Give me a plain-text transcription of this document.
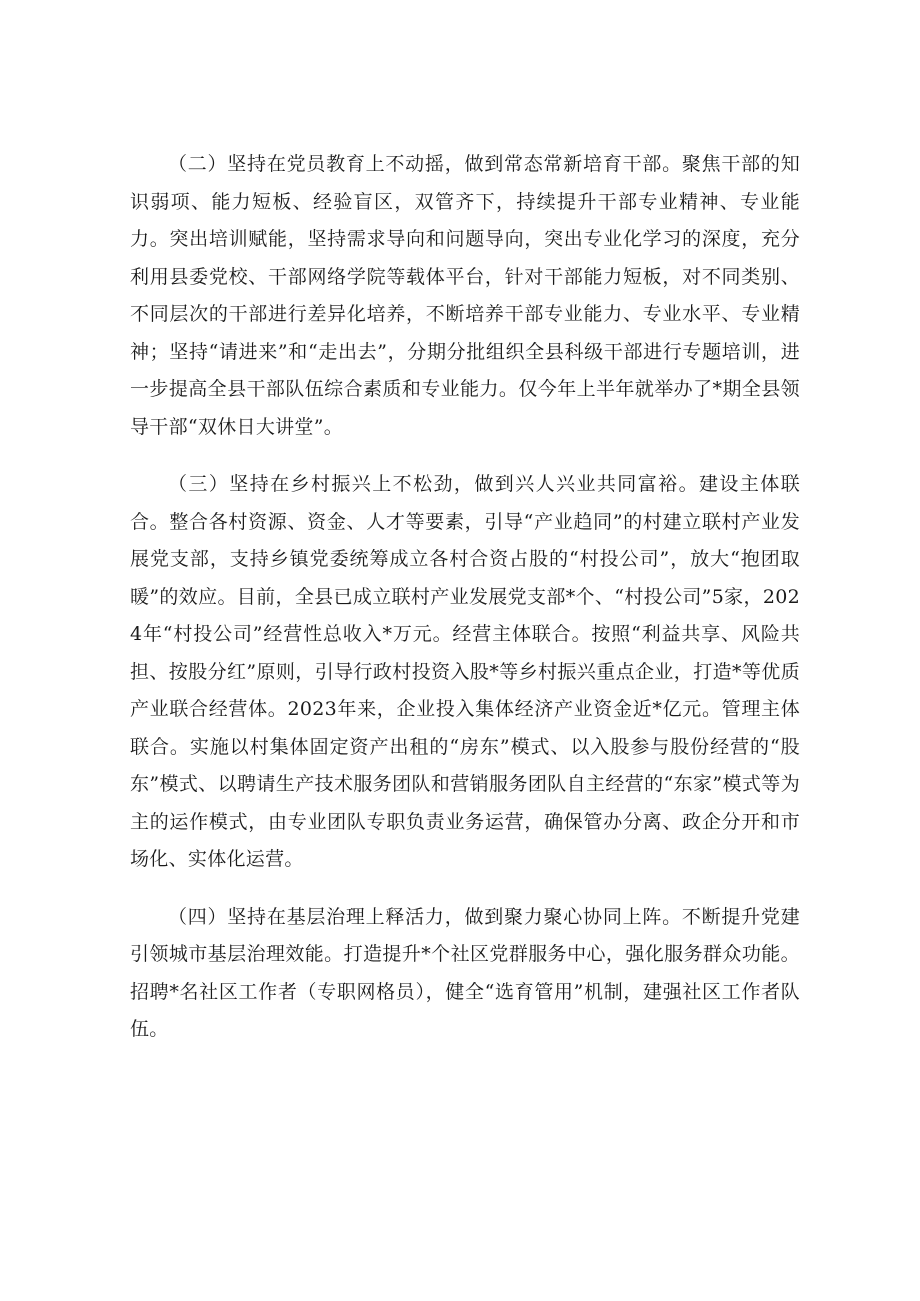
（二）坚持在党员教育上不动摇，做到常态常新培育干部。聚焦干部的知识弱项、能力短板、经验盲区，双管齐下，持续提升干部专业精神、专业能力。突出培训赋能，坚持需求导向和问题导向，突出专业化学习的深度，充分利用县委党校、干部网络学院等载体平台，针对干部能力短板，对不同类别、不同层次的干部进行差异化培养，不断培养干部专业能力、专业水平、专业精神；坚持“请进来”和“走出去”，分期分批组织全县科级干部进行专题培训，进一步提高全县干部队伍综合素质和专业能力。仅今年上半年就举办了*期全县领导干部“双休日大讲堂”。

（三）坚持在乡村振兴上不松劲，做到兴人兴业共同富裕。建设主体联合。整合各村资源、资金、人才等要素，引导“产业趋同”的村建立联村产业发展党支部，支持乡镇党委统筹成立各村合资占股的“村投公司”，放大“抱团取暖”的效应。目前，全县已成立联村产业发展党支部*个、“村投公司”5家，2024年“村投公司”经营性总收入*万元。经营主体联合。按照“利益共享、风险共担、按股分红”原则，引导行政村投资入股*等乡村振兴重点企业，打造*等优质产业联合经营体。2023年来，企业投入集体经济产业资金近*亿元。管理主体联合。实施以村集体固定资产出租的“房东”模式、以入股参与股份经营的“股东”模式、以聘请生产技术服务团队和营销服务团队自主经营的“东家”模式等为主的运作模式，由专业团队专职负责业务运营，确保管办分离、政企分开和市场化、实体化运营。

（四）坚持在基层治理上释活力，做到聚力聚心协同上阵。不断提升党建引领城市基层治理效能。打造提升*个社区党群服务中心，强化服务群众功能。招聘*名社区工作者（专职网格员），健全“选育管用”机制，建强社区工作者队伍。
